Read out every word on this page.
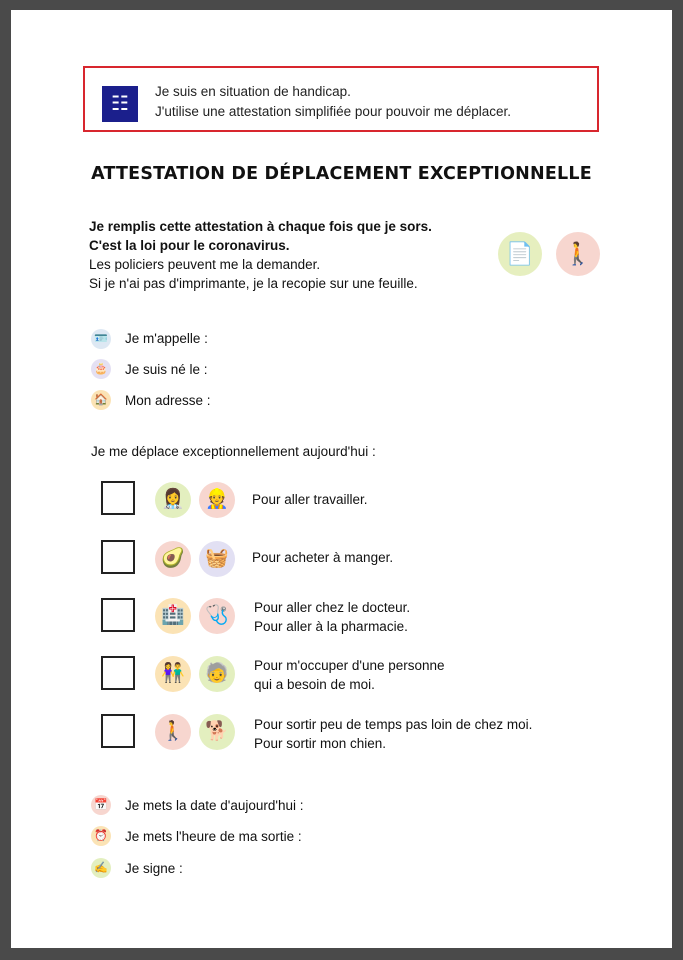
☷
Je suis en situation de handicap.
J'utilise une attestation simplifiée pour pouvoir me déplacer.
ATTESTATION DE DÉPLACEMENT EXCEPTIONNELLE
Je remplis cette attestation à chaque fois que je sors.
C'est la loi pour le coronavirus.
Les policiers peuvent me la demander.
Si je n'ai pas d'imprimante, je la recopie sur une feuille.
📄	🚶
🪪 Je m'appelle :
🎂 Je suis né le :
🏠 Mon adresse :
Je me déplace exceptionnellement aujourd'hui :
👩‍⚕️	👷	Pour aller travailler.
🥑	🧺	Pour acheter à manger.
🏥	🩺	Pour aller chez le docteur.
Pour aller à la pharmacie.
👫	🧓	Pour m'occuper d'une personne
qui a besoin de moi.
🚶	🐕	Pour sortir peu de temps pas loin de chez moi.
Pour sortir mon chien.
📅 Je mets la date d'aujourd'hui :
⏰ Je mets l'heure de ma sortie :
✍ Je signe :
